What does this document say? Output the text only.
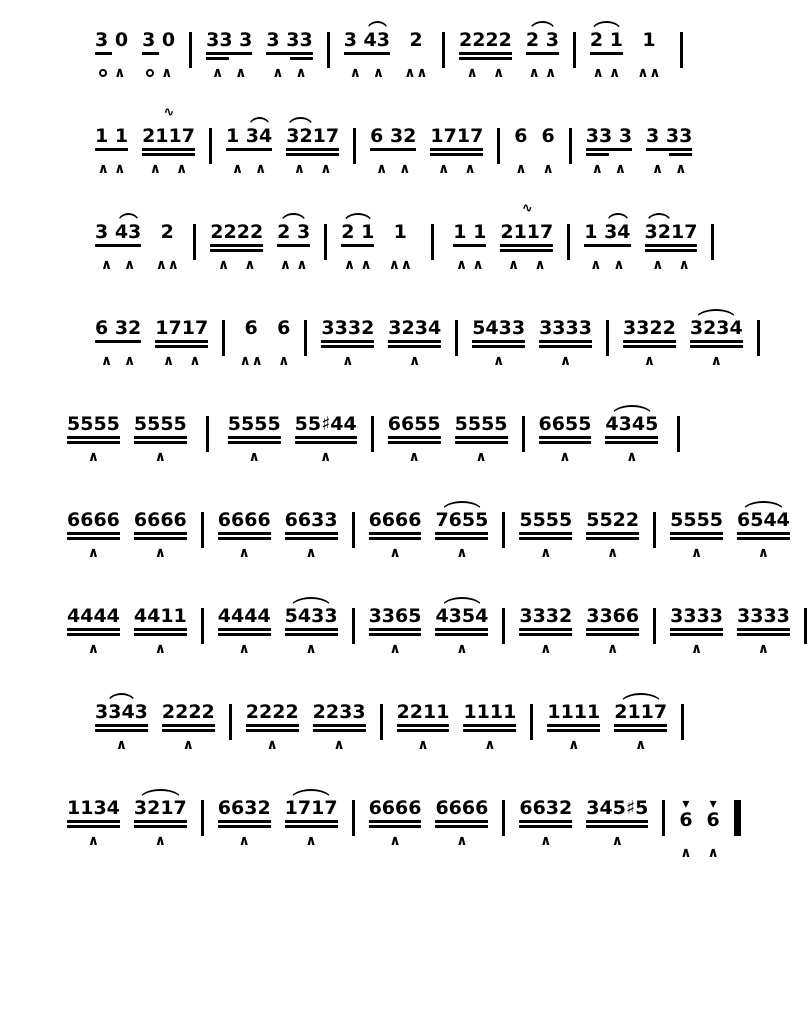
3 0
∧
3 0
∧
33 3
∧ ∧
3 33
∧ ∧
3 43
∧ ∧
2
∧ ∧
2222
∧ ∧
2 3
∧ ∧
2 1
∧ ∧
1
∧ ∧
1 1
∧ ∧
∿
2117
∧ ∧
1 34
∧ ∧
3217
∧ ∧
6 32
∧ ∧
1717
∧ ∧
6
∧
6
∧
33 3
∧ ∧
3 33
∧ ∧
3 43
∧ ∧
2
∧ ∧
2222
∧ ∧
2 3
∧ ∧
2 1
∧ ∧
1
∧ ∧
1 1
∧ ∧
∿
2117
∧ ∧
1 34
∧ ∧
3217
∧ ∧
6 32
∧ ∧
1717
∧ ∧
6
∧ ∧
6
∧
3332
∧
3234
∧
5433
∧
3333
∧
3322
∧
3234
∧
5555
∧
5555
∧
5555
∧
55♯44
∧
6655
∧
5555
∧
6655
∧
4345
∧
6666
∧
6666
∧
6666
∧
6633
∧
6666
∧
7655
∧
5555
∧
5522
∧
5555
∧
6544
∧
4444
∧
4411
∧
4444
∧
5433
∧
3365
∧
4354
∧
3332
∧
3366
∧
3333
∧
3333
∧
3343
∧
2222
∧
2222
∧
2233
∧
2211
∧
1111
∧
1111
∧
2117
∧
1134
∧
3217
∧
6632
∧
1717
∧
6666
∧
6666
∧
6632
∧
345♯5
∧
▾
6
∧
▾
6
∧
